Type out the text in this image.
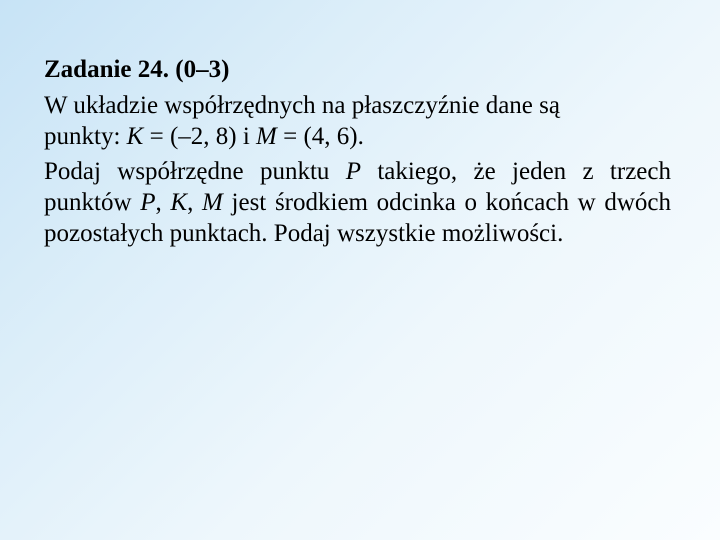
Zadanie 24. (0–3)

W układzie współrzędnych na płaszczyźnie dane są
punkty: K = (–2, 8) i M = (4, 6).

Podaj współrzędne punktu P takiego, że jeden z trzech punktów P, K, M jest środkiem odcinka o końcach w dwóch pozostałych punktach. Podaj wszystkie możliwości.
